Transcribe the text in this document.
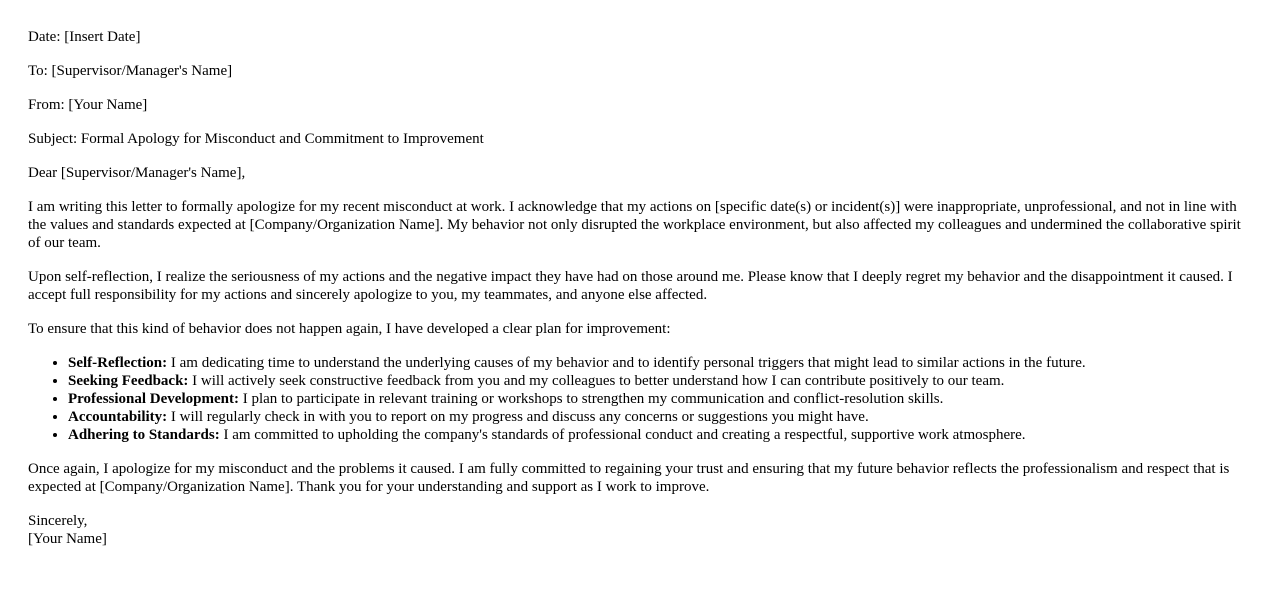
Date: [Insert Date]

To: [Supervisor/Manager's Name]

From: [Your Name]

Subject: Formal Apology for Misconduct and Commitment to Improvement

Dear [Supervisor/Manager's Name],

I am writing this letter to formally apologize for my recent misconduct at work. I acknowledge that my actions on [specific date(s) or incident(s)] were inappropriate, unprofessional, and not in line with the values and standards expected at [Company/Organization Name]. My behavior not only disrupted the workplace environment, but also affected my colleagues and undermined the collaborative spirit of our team.

Upon self-reflection, I realize the seriousness of my actions and the negative impact they have had on those around me. Please know that I deeply regret my behavior and the disappointment it caused. I accept full responsibility for my actions and sincerely apologize to you, my teammates, and anyone else affected.

To ensure that this kind of behavior does not happen again, I have developed a clear plan for improvement:

• Self-Reflection: I am dedicating time to understand the underlying causes of my behavior and to identify personal triggers that might lead to similar actions in the future.
• Seeking Feedback: I will actively seek constructive feedback from you and my colleagues to better understand how I can contribute positively to our team.
• Professional Development: I plan to participate in relevant training or workshops to strengthen my communication and conflict-resolution skills.
• Accountability: I will regularly check in with you to report on my progress and discuss any concerns or suggestions you might have.
• Adhering to Standards: I am committed to upholding the company's standards of professional conduct and creating a respectful, supportive work atmosphere.

Once again, I apologize for my misconduct and the problems it caused. I am fully committed to regaining your trust and ensuring that my future behavior reflects the professionalism and respect that is expected at [Company/Organization Name]. Thank you for your understanding and support as I work to improve.

Sincerely,

[Your Name]
